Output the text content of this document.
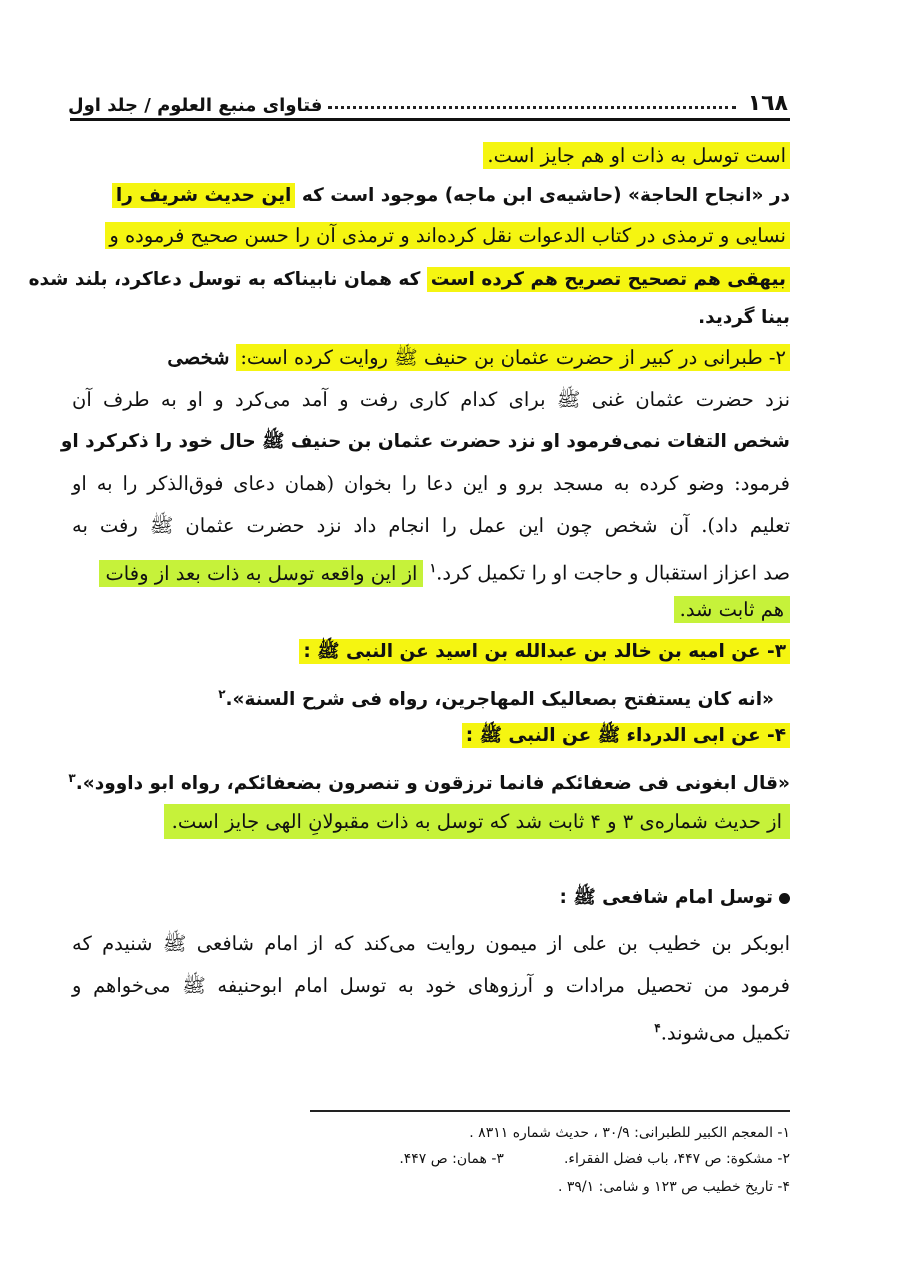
١٦٨
فتاوای منبع العلوم / جلد اول
است توسل به ذات او هم جایز است.
در «انجاح الحاجة» (حاشیه‌ی ابن ماجه) موجود است که این حدیث شریف را
نسایی و ترمذی در کتاب الدعوات نقل کرده‌اند و ترمذی آن را حسن صحیح فرموده و
بیهقی هم تصحیح تصریح هم کرده است که همان نابیناکه به توسل دعاکرد، بلند شده
بینا گردید.
٢- طبرانی در کبیر از حضرت عثمان بن حنیف ﷺ روایت کرده است: شخصی
نزد حضرت عثمان غنی ﷺ برای کدام کاری رفت و آمد می‌کرد و او به طرف آن
شخص التفات نمی‌فرمود او نزد حضرت عثمان بن حنیف ﷺ حال خود را ذکرکرد او
فرمود: وضو کرده به مسجد برو و این دعا را بخوان (همان دعای فوق‌الذکر را به او
تعلیم داد). آن شخص چون این عمل را انجام داد نزد حضرت عثمان ﷺ رفت به
صد اعزاز استقبال و حاجت او را تکمیل کرد.$^١$ از این واقعه توسل به ذات بعد از وفات
هم ثابت شد.
٣- عن امیه بن خالد بن عبدالله بن اسید عن النبی ﷺ :
«انه کان یستفتح بصعالیک المهاجرین، رواه فی شرح السنة».$^٢$
۴- عن ابی الدرداء ﷺ عن النبی ﷺ :
«قال ابغونی فی ضعفائکم فانما ترزقون و تنصرون بضعفائکم، رواه ابو داوود».$^٣$
از حدیث شماره‌ی ٣ و ۴ ثابت شد که توسل به ذات مقبولانِ الهی جایز است.
توسل امام شافعی ﷺ :
ابوبکر بن خطیب بن علی از میمون روایت می‌کند که از امام شافعی ﷺ شنیدم که
فرمود من تحصیل مرادات و آرزوهای خود به توسل امام ابوحنیفه ﷺ می‌خواهم و
تکمیل می‌شوند.$^۴$
١- المعجم الکبیر للطبرانی: ٣٠/٩ ، حدیث شماره ٨٣١١ .
٢- مشکوة: ص ۴۴٧، باب فضل الفقراء.٣- همان: ص ۴۴٧.
۴- تاریخ خطیب ص ١٢٣ و شامی: ٣٩/١ .
